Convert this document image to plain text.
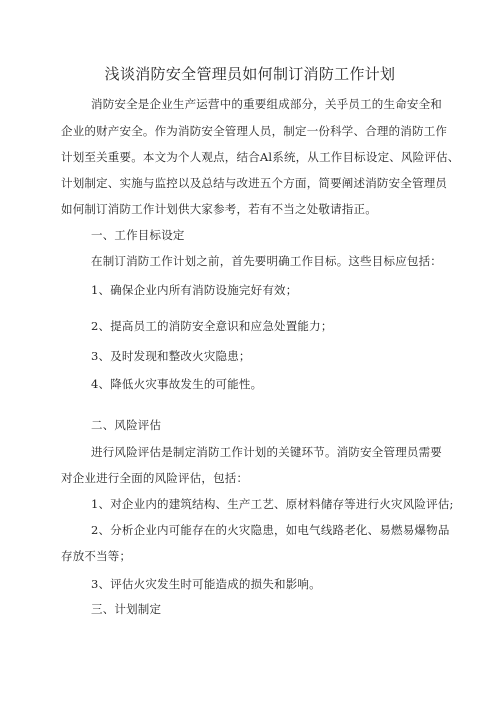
浅谈消防安全管理员如何制订消防工作计划
消防安全是企业生产运营中的重要组成部分，关乎员工的生命安全和
企业的财产安全。作为消防安全管理人员，制定一份科学、合理的消防工作
计划至关重要。本文为个人观点，结合Al系统，从工作目标设定、风险评估、
计划制定、实施与监控以及总结与改进五个方面，简要阐述消防安全管理员
如何制订消防工作计划供大家参考，若有不当之处敬请指正。
一、工作目标设定
在制订消防工作计划之前，首先要明确工作目标。这些目标应包括：
1、确保企业内所有消防设施完好有效；
2、提高员工的消防安全意识和应急处置能力；
3、及时发现和整改火灾隐患；
4、降低火灾事故发生的可能性。
二、风险评估
进行风险评估是制定消防工作计划的关键环节。消防安全管理员需要
对企业进行全面的风险评估，包括：
1、对企业内的建筑结构、生产工艺、原材料储存等进行火灾风险评估;
2、分析企业内可能存在的火灾隐患，如电气线路老化、易燃易爆物品
存放不当等；
3、评估火灾发生时可能造成的损失和影响。
三、计划制定
